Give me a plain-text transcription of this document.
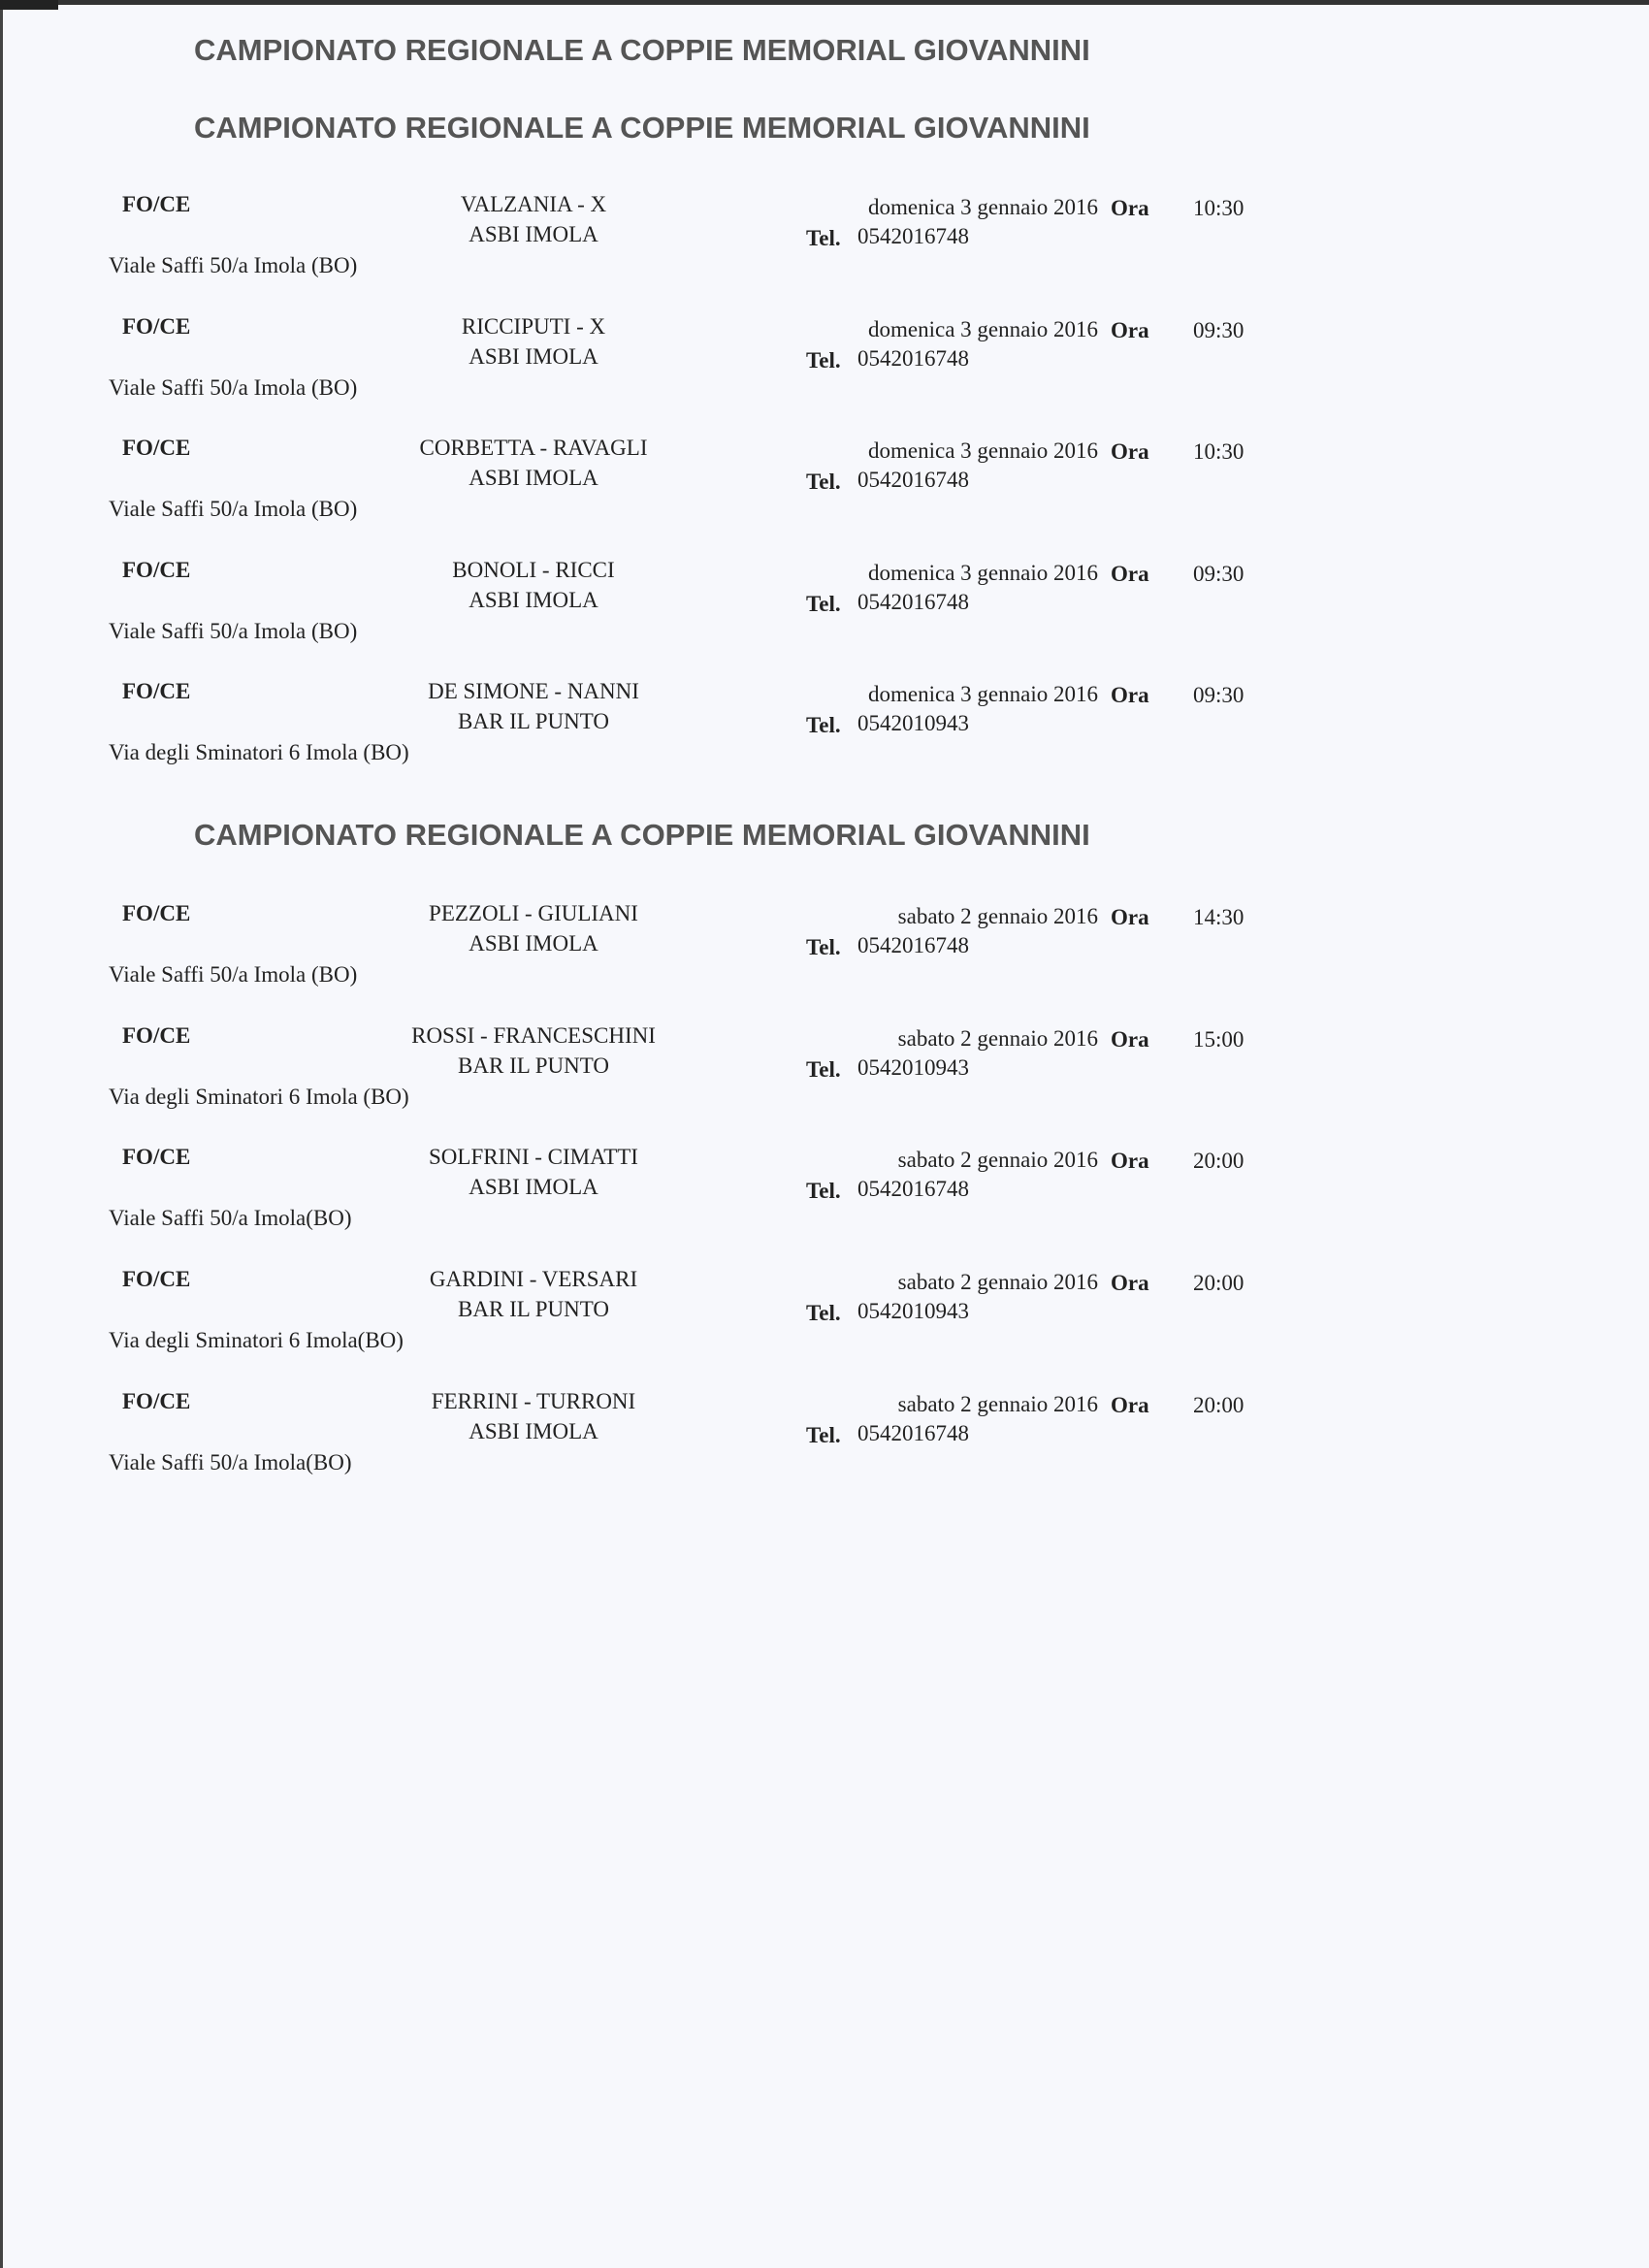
CAMPIONATO REGIONALE A COPPIE MEMORIAL GIOVANNINI
CAMPIONATO REGIONALE A COPPIE MEMORIAL GIOVANNINI
FO/CE	VALZANIA - X
ASBI IMOLA
domenica 3 gennaio 2016 Ora 10:30
Tel. 0542016748
Viale Saffi 50/a Imola (BO)
FO/CE	RICCIPUTI - X
ASBI IMOLA
domenica 3 gennaio 2016 Ora 09:30
Tel. 0542016748
Viale Saffi 50/a Imola (BO)
FO/CE	CORBETTA - RAVAGLI
ASBI IMOLA
domenica 3 gennaio 2016 Ora 10:30
Tel. 0542016748
Viale Saffi 50/a Imola (BO)
FO/CE	BONOLI - RICCI
ASBI IMOLA
domenica 3 gennaio 2016 Ora 09:30
Tel. 0542016748
Viale Saffi 50/a Imola (BO)
FO/CE	DE SIMONE - NANNI
BAR IL PUNTO
domenica 3 gennaio 2016 Ora 09:30
Tel. 0542010943
Via degli Sminatori 6 Imola (BO)
CAMPIONATO REGIONALE A COPPIE MEMORIAL GIOVANNINI
FO/CE	PEZZOLI - GIULIANI
ASBI IMOLA
sabato 2 gennaio 2016 Ora 14:30
Tel. 0542016748
Viale Saffi 50/a Imola (BO)
FO/CE	ROSSI - FRANCESCHINI
BAR IL PUNTO
sabato 2 gennaio 2016 Ora 15:00
Tel. 0542010943
Via degli Sminatori 6 Imola (BO)
FO/CE	SOLFRINI - CIMATTI
ASBI IMOLA
sabato 2 gennaio 2016 Ora 20:00
Tel. 0542016748
Viale Saffi 50/a Imola(BO)
FO/CE	GARDINI - VERSARI
BAR IL PUNTO
sabato 2 gennaio 2016 Ora 20:00
Tel. 0542010943
Via degli Sminatori 6 Imola(BO)
FO/CE	FERRINI - TURRONI
ASBI IMOLA
sabato 2 gennaio 2016 Ora 20:00
Tel. 0542016748
Viale Saffi 50/a Imola(BO)
